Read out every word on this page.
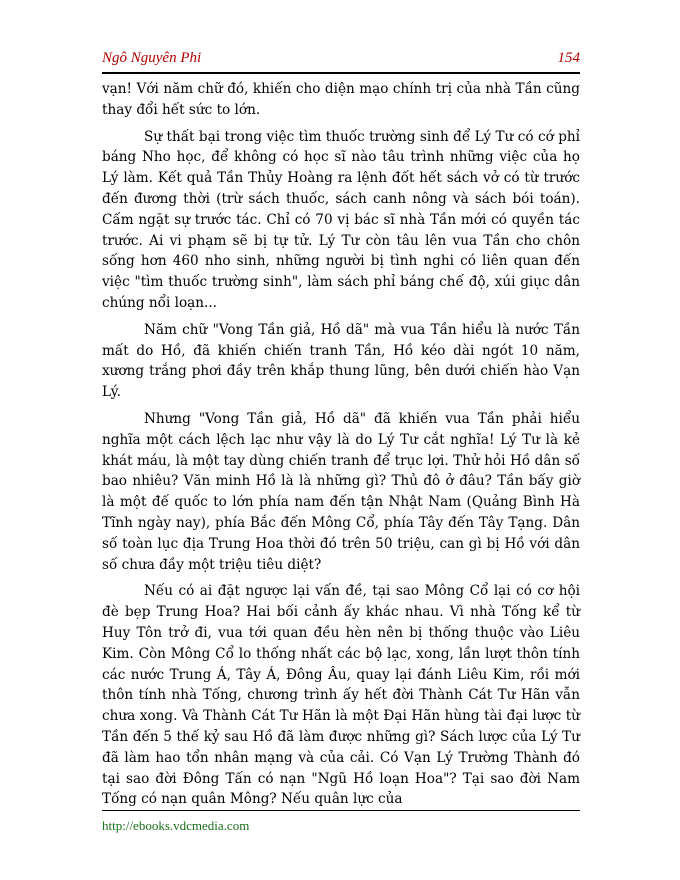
Ngô Nguyên Phi	154

vạn! Với năm chữ đó, khiến cho diện mạo chính trị của nhà Tần cũng thay đổi hết sức to lớn.

Sự thất bại trong việc tìm thuốc trường sinh để Lý Tư có cớ phỉ báng Nho học, để không có học sĩ nào tâu trình những việc của họ Lý làm. Kết quả Tần Thủy Hoàng ra lệnh đốt hết sách vở có từ trước đến đương thời (trừ sách thuốc, sách canh nông và sách bói toán). Cấm ngặt sự trước tác. Chỉ có 70 vị bác sĩ nhà Tần mới có quyền tác trước. Ai vi phạm sẽ bị tự tử. Lý Tư còn tâu lên vua Tần cho chôn sống hơn 460 nho sinh, những người bị tình nghi có liên quan đến việc "tìm thuốc trường sinh", làm sách phỉ báng chế độ, xúi giục dân chúng nổi loạn...

Năm chữ "Vong Tần giả, Hồ dã" mà vua Tần hiểu là nước Tần mất do Hồ, đã khiến chiến tranh Tần, Hồ kéo dài ngót 10 năm, xương trắng phơi đầy trên khắp thung lũng, bên dưới chiến hào Vạn Lý.

Nhưng "Vong Tần giả, Hồ dã" đã khiến vua Tần phải hiểu nghĩa một cách lệch lạc như vậy là do Lý Tư cắt nghĩa! Lý Tư là kẻ khát máu, là một tay dùng chiến tranh để trục lợi. Thử hỏi Hồ dân số bao nhiêu? Văn minh Hồ là là những gì? Thủ đô ở đâu? Tần bấy giờ là một đế quốc to lớn phía nam đến tận Nhật Nam (Quảng Bình Hà Tĩnh ngày nay), phía Bắc đến Mông Cổ, phía Tây đến Tây Tạng. Dân số toàn lục địa Trung Hoa thời đó trên 50 triệu, can gì bị Hồ với dân số chưa đầy một triệu tiêu diệt?

Nếu có ai đặt ngược lại vấn đề, tại sao Mông Cổ lại có cơ hội đè bẹp Trung Hoa? Hai bối cảnh ấy khác nhau. Vì nhà Tống kể từ Huy Tôn trở đi, vua tới quan đều hèn nên bị thống thuộc vào Liêu Kim. Còn Mông Cổ lo thống nhất các bộ lạc, xong, lần lượt thôn tính các nước Trung Á, Tây Á, Đông Âu, quay lại đánh Liêu Kim, rồi mới thôn tính nhà Tống, chương trình ấy hết đời Thành Cát Tư Hãn vẫn chưa xong. Và Thành Cát Tư Hãn là một Đại Hãn hùng tài đại lược từ Tần đến 5 thế kỷ sau Hồ đã làm được những gì? Sách lược của Lý Tư đã làm hao tổn nhân mạng và của cải. Có Vạn Lý Trường Thành đó tại sao đời Đông Tấn có nạn "Ngũ Hồ loạn Hoa"? Tại sao đời Nam Tống có nạn quân Mông? Nếu quân lực của

http://ebooks.vdcmedia.com
